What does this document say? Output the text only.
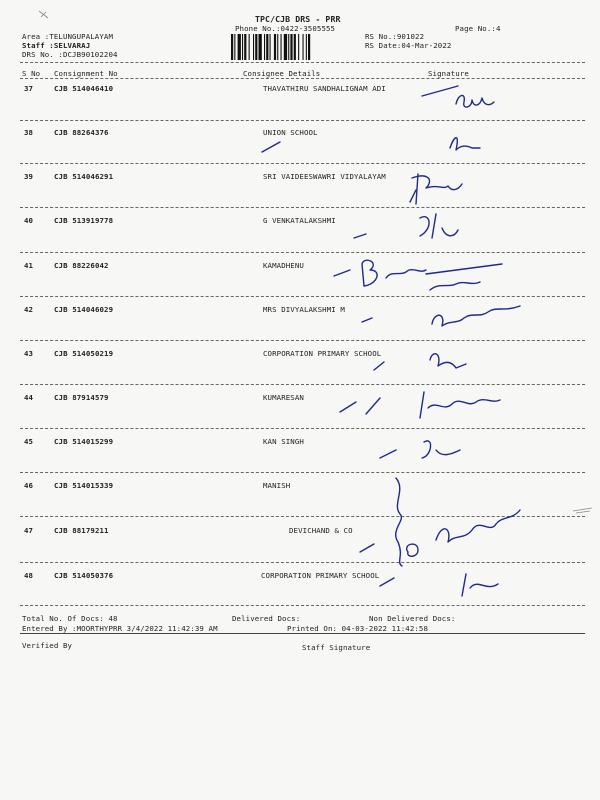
TPC/CJB DRS - PRR
Phone No.:0422-3505555	Page No.:4
Area :TELUNGUPALAYAM
Staff :SELVARAJ
DRS No. :DCJB90102204
RS No.:901022
RS Date:04-Mar-2022
S No Consignment No	Consignee Details	Signature
37	CJB 514046410	THAVATHIRU SANDHALIGNAM ADI
38	CJB 88264376	UNION SCHOOL
39	CJB 514046291	SRI VAIDEESWAWRI VIDYALAYAM
40	CJB 513919778	G VENKATALAKSHMI
41	CJB 88226042	KAMADHENU
42	CJB 514046029	MRS DIVYALAKSHMI M
43	CJB 514050219	CORPORATION PRIMARY SCHOOL
44	CJB 87914579	KUMARESAN
45	CJB 514015299	KAN SINGH
46	CJB 514015339	MANISH
47	CJB 88179211	DEVICHAND & CO
48	CJB 514050376	CORPORATION PRIMARY SCHOOL
Total No. Of Docs: 48	Delivered Docs:	Non Delivered Docs:
Entered By :MOORTHYPRR 3/4/2022 11:42:39 AM	Printed On: 04-03-2022 11:42:58
Verified By	Staff Signature
